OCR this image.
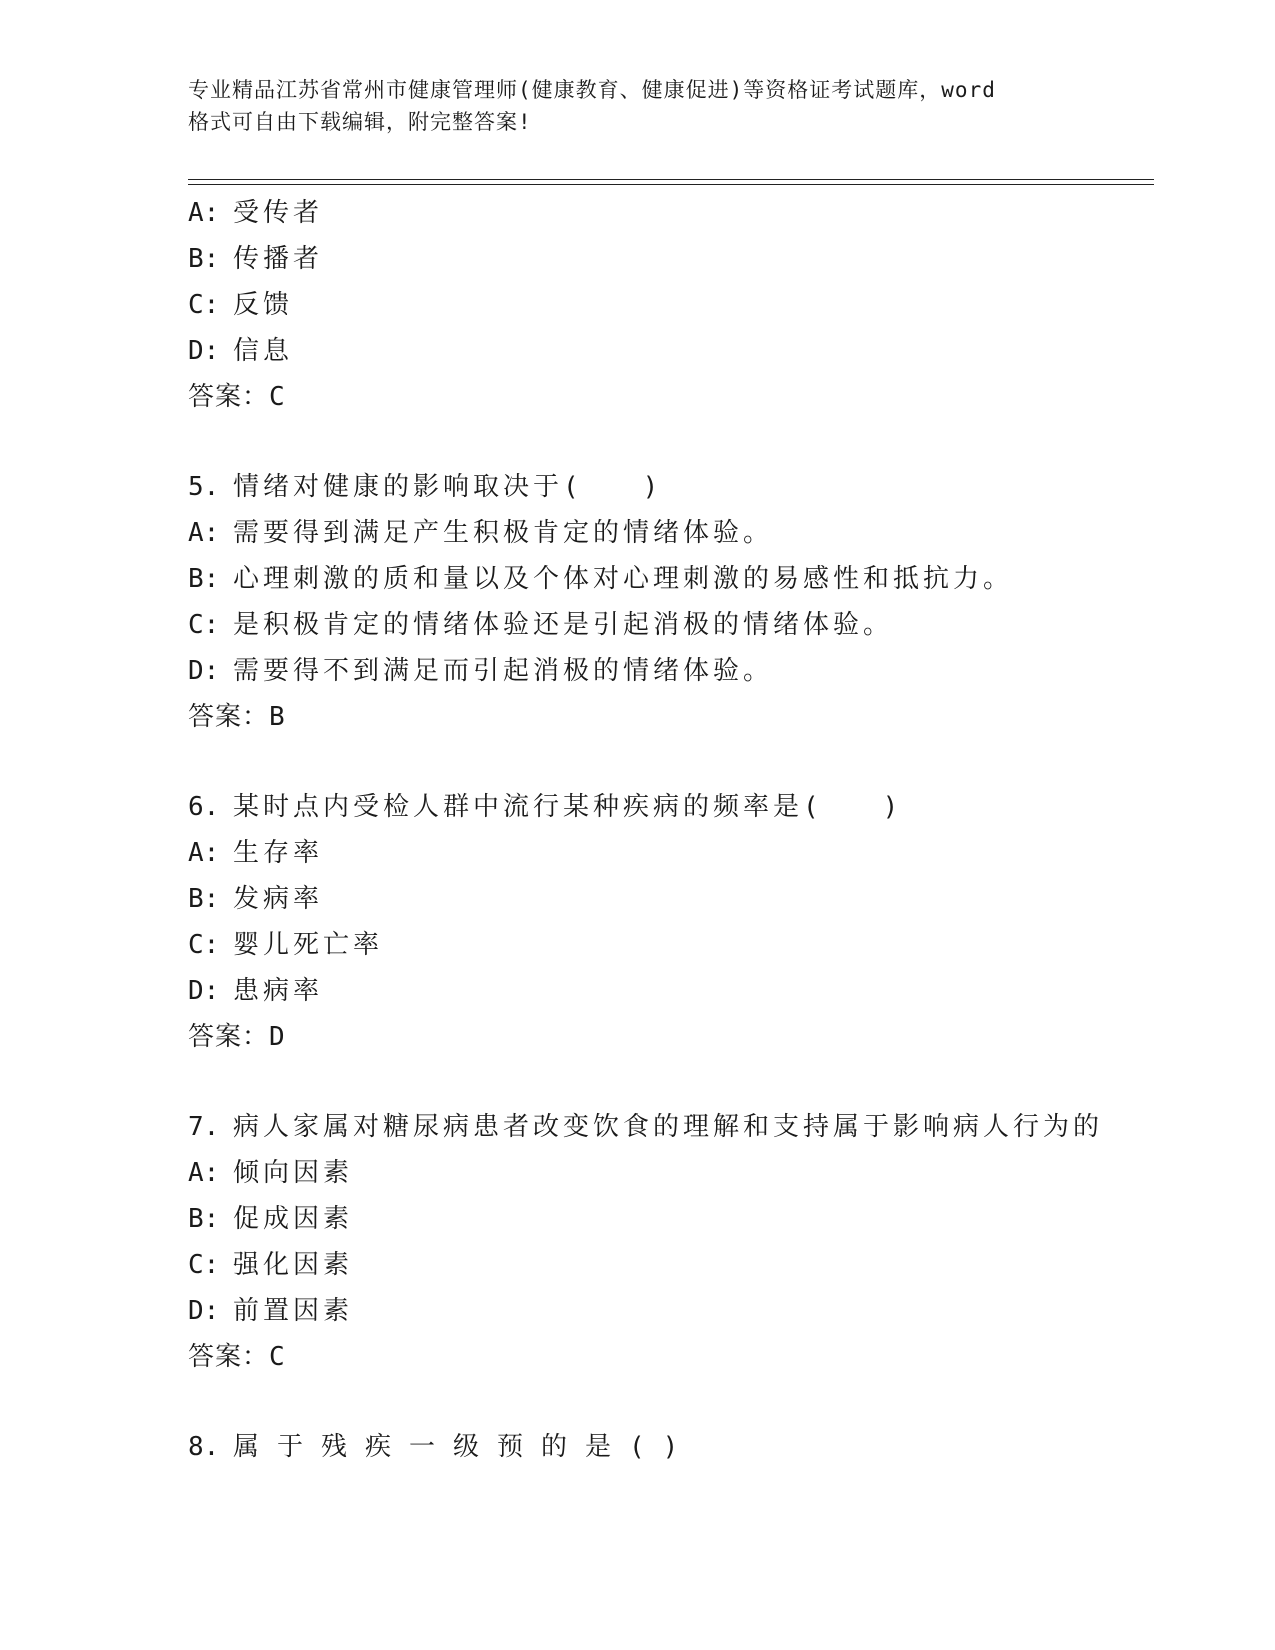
专业精品江苏省常州市健康管理师(健康教育、健康促进)等资格证考试题库，word
格式可自由下载编辑，附完整答案!
A: 受传者
B: 传播者
C: 反馈
D: 信息
答案：C
5. 情绪对健康的影响取决于(　　)
A: 需要得到满足产生积极肯定的情绪体验。
B: 心理刺激的质和量以及个体对心理刺激的易感性和抵抗力。
C: 是积极肯定的情绪体验还是引起消极的情绪体验。
D: 需要得不到满足而引起消极的情绪体验。
答案：B
6. 某时点内受检人群中流行某种疾病的频率是(　　)
A: 生存率
B: 发病率
C: 婴儿死亡率
D: 患病率
答案：D
7. 病人家属对糖尿病患者改变饮食的理解和支持属于影响病人行为的
A: 倾向因素
B: 促成因素
C: 强化因素
D: 前置因素
答案：C
8. 属于残疾一级预的是()
